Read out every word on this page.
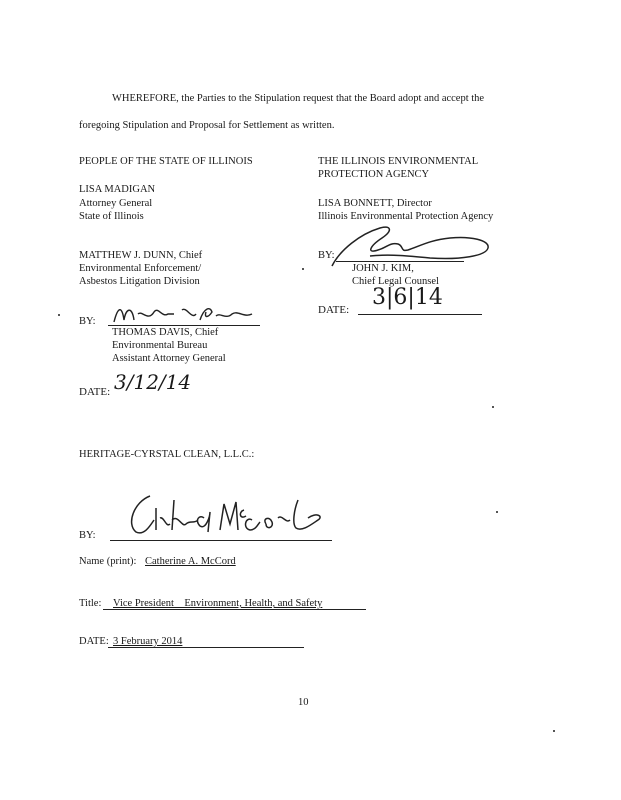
WHEREFORE, the Parties to the Stipulation request that the Board adopt and accept the
foregoing Stipulation and Proposal for Settlement as written.
PEOPLE OF THE STATE OF ILLINOIS
LISA MADIGAN
Attorney General
State of Illinois
MATTHEW J. DUNN, Chief
Environmental Enforcement/
Asbestos Litigation Division
BY:
THOMAS DAVIS, Chief
Environmental Bureau
Assistant Attorney General
DATE: 3/12/14
THE ILLINOIS ENVIRONMENTAL
PROTECTION AGENCY
LISA BONNETT, Director
Illinois Environmental Protection Agency
BY:
JOHN J. KIM,
Chief Legal Counsel
DATE: 3|6|14
HERITAGE-CYRSTAL CLEAN, L.L.C.:
BY:
Name (print): Catherine A. McCord
Title: Vice President    Environment, Health, and Safety
DATE: 3 February 2014
10
